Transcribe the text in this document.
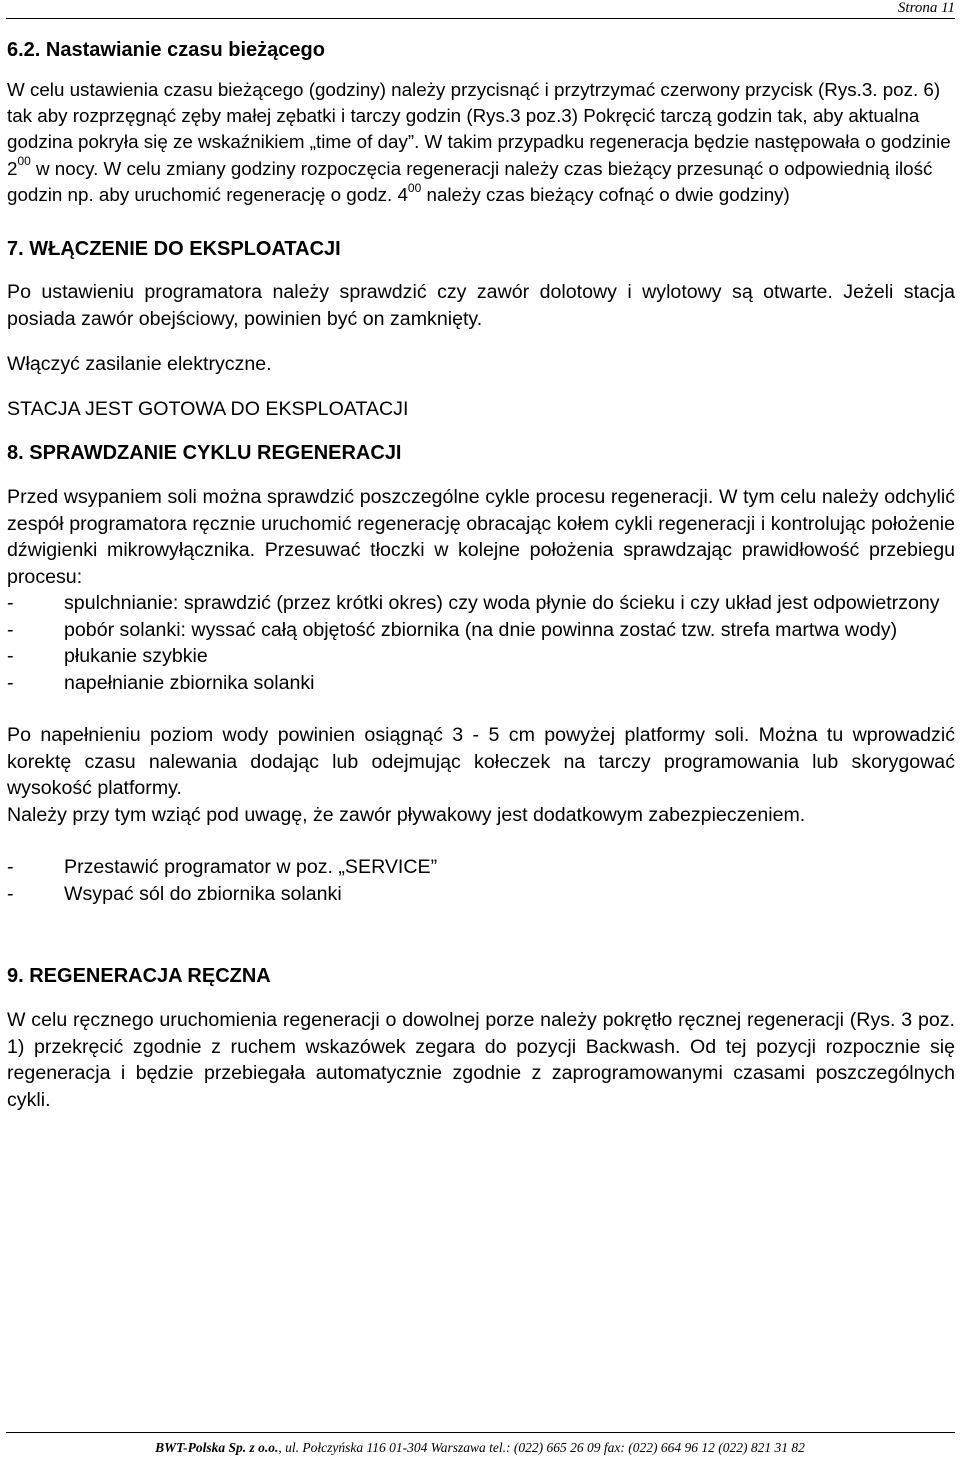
Strona 11
6.2. Nastawianie czasu bieżącego

W celu ustawienia czasu bieżącego (godziny) należy przycisnąć i przytrzymać czerwony przycisk (Rys.3. poz. 6) tak aby rozprzęgnąć zęby małej zębatki i tarczy godzin (Rys.3 poz.3) Pokręcić tarczą godzin tak, aby aktualna godzina pokryła się ze wskaźnikiem „time of day”. W takim przypadku regeneracja będzie następowała o godzinie $2^{00}$ w nocy. W celu zmiany godziny rozpoczęcia regeneracji należy czas bieżący przesunąć o odpowiednią ilość godzin np. aby uruchomić regenerację o godz. $4^{00}$ należy czas bieżący cofnąć o dwie godziny)

7. WŁĄCZENIE DO EKSPLOATACJI

Po ustawieniu programatora należy sprawdzić czy zawór dolotowy i wylotowy są otwarte. Jeżeli stacja posiada zawór obejściowy, powinien być on zamknięty.

Włączyć zasilanie elektryczne.

STACJA JEST GOTOWA DO EKSPLOATACJI

8. SPRAWDZANIE CYKLU REGENERACJI

Przed wsypaniem soli można sprawdzić poszczególne cykle procesu regeneracji. W tym celu należy odchylić zespół programatora ręcznie uruchomić regenerację obracając kołem cykli regeneracji i kontrolując położenie dźwigienki mikrowyłącznika. Przesuwać tłoczki w kolejne położenia sprawdzając prawidłowość przebiegu procesu:

-	spulchnianie: sprawdzić (przez krótki okres) czy woda płynie do ścieku i czy układ jest odpowietrzony
-	pobór solanki: wyssać całą objętość zbiornika (na dnie powinna zostać tzw. strefa martwa wody)
-	płukanie szybkie
-	napełnianie zbiornika solanki

Po napełnieniu poziom wody powinien osiągnąć 3 - 5 cm powyżej platformy soli. Można tu wprowadzić korektę czasu nalewania dodając lub odejmując kołeczek na tarczy programowania lub skorygować wysokość platformy.

Należy przy tym wziąć pod uwagę, że zawór pływakowy jest dodatkowym zabezpieczeniem.

-	Przestawić programator w poz. „SERVICE”
-	Wsypać sól do zbiornika solanki
9. REGENERACJA RĘCZNA

W celu ręcznego uruchomienia regeneracji o dowolnej porze należy pokrętło ręcznej regeneracji (Rys. 3 poz. 1) przekręcić zgodnie z ruchem wskazówek zegara do pozycji Backwash. Od tej pozycji rozpocznie się regeneracja i będzie przebiegała automatycznie zgodnie z zaprogramowanymi czasami poszczególnych cykli.

BWT-Polska Sp. z o.o., ul. Połczyńska 116 01-304 Warszawa tel.: (022) 665 26 09 fax: (022) 664 96 12 (022) 821 31 82
